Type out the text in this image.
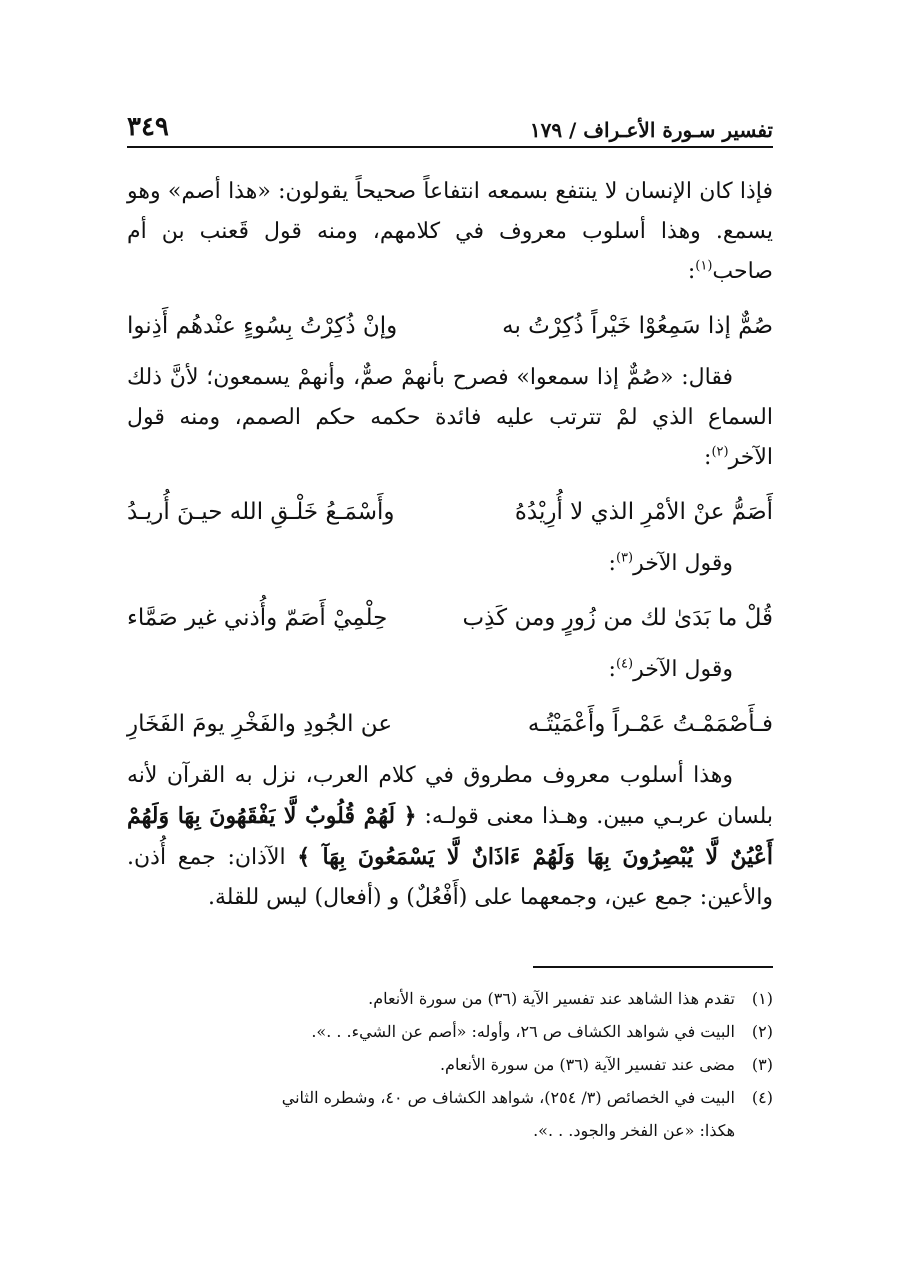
تفسير سـورة الأعـراف / ١٧٩
٣٤٩

فإذا كان الإنسان لا ينتفع بسمعه انتفاعاً صحيحاً يقولون: «هذا أصم» وهو يسمع. وهذا أسلوب معروف في كلامهم، ومنه قول قَعنب بن أم صاحب$^{(١)}$:

صُمٌّ إذا سَمِعُوْا خَيْراً ذُكِرْتُ به
وإنْ ذُكِرْتُ بِسُوءٍ عنْدهُم أَذِنوا

فقال: «صُمٌّ إذا سمعوا» فصرح بأنهمْ صمٌّ، وأنهمْ يسمعون؛ لأنَّ ذلك السماع الذي لمْ تترتب عليه فائدة حكمه حكم الصمم، ومنه قول الآخر$^{(٢)}$:

أَصَمُّ عنْ الأمْرِ الذي لا أُرِيْدُهُ
وأَسْمَـعُ خَلْـقِ الله حيـنَ أُريـدُ

وقول الآخر$^{(٣)}$:

قُلْ ما بَدَىٰ لك من زُورٍ ومن كَذِب
حِلْمِيْ أَصَمّ وأُذني غير صَمَّاء

وقول الآخر$^{(٤)}$:

فـأَصْمَمْـتُ عَمْـراً وأَعْمَيْتُـه
عن الجُودِ والفَخْرِ يومَ الفَخَارِ

وهذا أسلوب معروف مطروق في كلام العرب، نزل به القرآن لأنه بلسان عربـي مبين. وهـذا معنى قولـه: ﴿ لَهُمْ قُلُوبٌ لَّا يَفْقَهُونَ بِهَا وَلَهُمْ أَعْيُنٌ لَّا يُبْصِرُونَ بِهَا وَلَهُمْ ءَاذَانٌ لَّا يَسْمَعُونَ بِهَآ ﴾ الآذان: جمع أُذن. والأعين: جمع عين، وجمعهما على (أَفْعُلٌ) و (أفعال) ليس للقلة.

(١)
تقدم هذا الشاهد عند تفسير الآية (٣٦) من سورة الأنعام.

(٢)
البيت في شواهد الكشاف ص ٢٦، وأوله: «أصم عن الشيء. . .».

(٣)
مضى عند تفسير الآية (٣٦) من سورة الأنعام.

(٤)
البيت في الخصائص (٣/ ٢٥٤)، شواهد الكشاف ص ٤٠، وشطره الثاني

هكذا: «عن الفخر والجود. . .».
